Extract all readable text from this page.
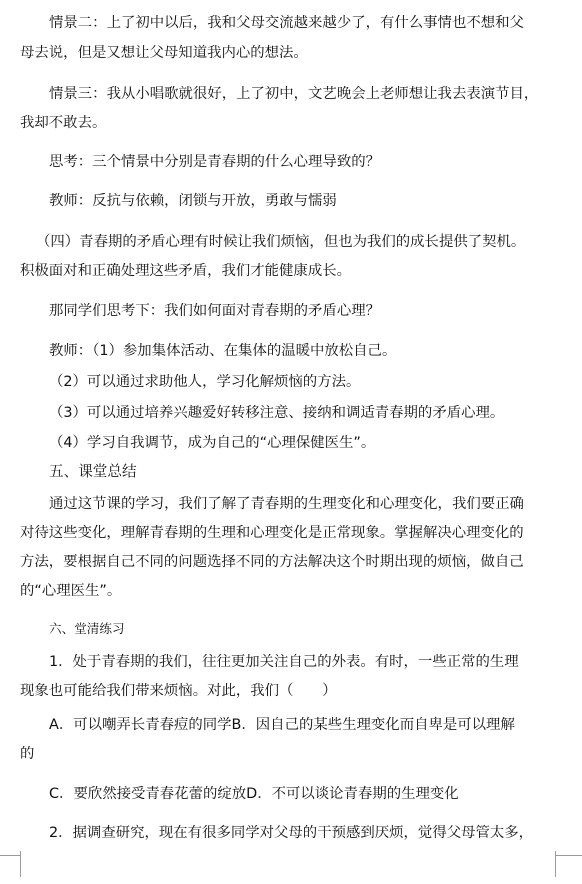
情景二：上了初中以后，我和父母交流越来越少了，有什么事情也不想和父
母去说，但是又想让父母知道我内心的想法。
情景三：我从小唱歌就很好，上了初中，文艺晚会上老师想让我去表演节目，
我却不敢去。
思考：三个情景中分别是青春期的什么心理导致的？
教师：反抗与依赖，闭锁与开放，勇敢与懦弱
（四）青春期的矛盾心理有时候让我们烦恼，但也为我们的成长提供了契机。
积极面对和正确处理这些矛盾，我们才能健康成长。
那同学们思考下：我们如何面对青春期的矛盾心理？
教师：（1）参加集体活动、在集体的温暖中放松自己。
（2）可以通过求助他人，学习化解烦恼的方法。
（3）可以通过培养兴趣爱好转移注意、接纳和调适青春期的矛盾心理。
（4）学习自我调节，成为自己的“心理保健医生”。
五、课堂总结
通过这节课的学习，我们了解了青春期的生理变化和心理变化，我们要正确
对待这些变化，理解青春期的生理和心理变化是正常现象。掌握解决心理变化的
方法，要根据自己不同的问题选择不同的方法解决这个时期出现的烦恼，做自己
的“心理医生”。
六、堂清练习
1．处于青春期的我们，往往更加关注自己的外表。有时，一些正常的生理
现象也可能给我们带来烦恼。对此，我们（　　）
A．可以嘲弄长青春痘的同学B．因自己的某些生理变化而自卑是可以理解
的
C．要欣然接受青春花蕾的绽放D．不可以谈论青春期的生理变化
2．据调查研究，现在有很多同学对父母的干预感到厌烦，觉得父母管太多，
